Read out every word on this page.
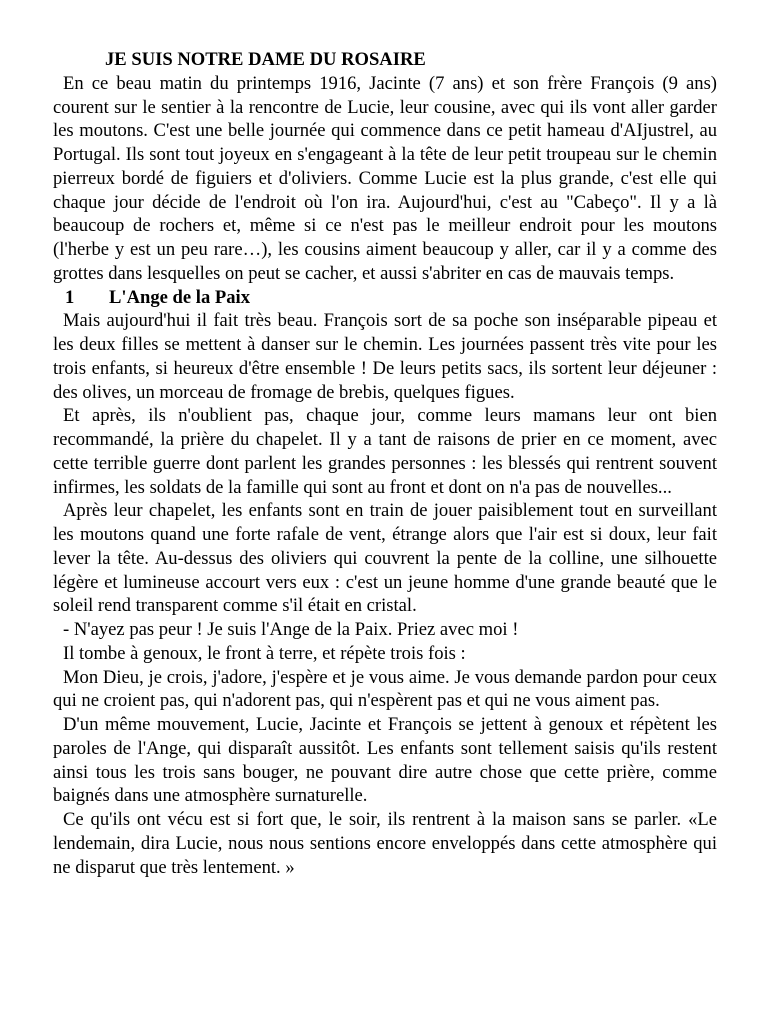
JE SUIS NOTRE DAME DU ROSAIRE

En ce beau matin du printemps 1916, Jacinte (7 ans) et son frère François (9 ans) courent sur le sentier à la rencontre de Lucie, leur cousine, avec qui ils vont aller garder les moutons. C'est une belle journée qui commence dans ce petit hameau d'AIjustrel, au Portugal. Ils sont tout joyeux en s'engageant à la tête de leur petit troupeau sur le chemin pierreux bordé de figuiers et d'oliviers. Comme Lucie est la plus grande, c'est elle qui chaque jour décide de l'endroit où l'on ira. Aujourd'hui, c'est au "Cabeço". Il y a là beaucoup de rochers et, même si ce n'est pas le meilleur endroit pour les moutons (l'herbe y est un peu rare…), les cousins aiment beaucoup y aller, car il y a comme des grottes dans lesquelles on peut se cacher, et aussi s'abriter en cas de mauvais temps.

1	L'Ange de la Paix

Mais aujourd'hui il fait très beau. François sort de sa poche son inséparable pipeau et les deux filles se mettent à danser sur le chemin. Les journées passent très vite pour les trois enfants, si heureux d'être ensemble ! De leurs petits sacs, ils sortent leur déjeuner : des olives, un morceau de fromage de brebis, quelques figues.

Et après, ils n'oublient pas, chaque jour, comme leurs mamans leur ont bien recommandé, la prière du chapelet. Il y a tant de raisons de prier en ce moment, avec cette terrible guerre dont parlent les grandes personnes : les blessés qui rentrent souvent infirmes, les soldats de la famille qui sont au front et dont on n'a pas de nouvelles...

Après leur chapelet, les enfants sont en train de jouer paisiblement tout en surveillant les moutons quand une forte rafale de vent, étrange alors que l'air est si doux, leur fait lever la tête. Au-dessus des oliviers qui couvrent la pente de la colline, une silhouette légère et lumineuse accourt vers eux : c'est un jeune homme d'une grande beauté que le soleil rend transparent comme s'il était en cristal.

- N'ayez pas peur ! Je suis l'Ange de la Paix. Priez avec moi !

Il tombe à genoux, le front à terre, et répète trois fois :

Mon Dieu, je crois, j'adore, j'espère et je vous aime. Je vous demande pardon pour ceux qui ne croient pas, qui n'adorent pas, qui n'espèrent pas et qui ne vous aiment pas.

D'un même mouvement, Lucie, Jacinte et François se jettent à genoux et répètent les paroles de l'Ange, qui disparaît aussitôt. Les enfants sont tellement saisis qu'ils restent ainsi tous les trois sans bouger, ne pouvant dire autre chose que cette prière, comme baignés dans une atmosphère surnaturelle.

Ce qu'ils ont vécu est si fort que, le soir, ils rentrent à la maison sans se parler. «Le lendemain, dira Lucie, nous nous sentions encore enveloppés dans cette atmosphère qui ne disparut que très lentement. »
